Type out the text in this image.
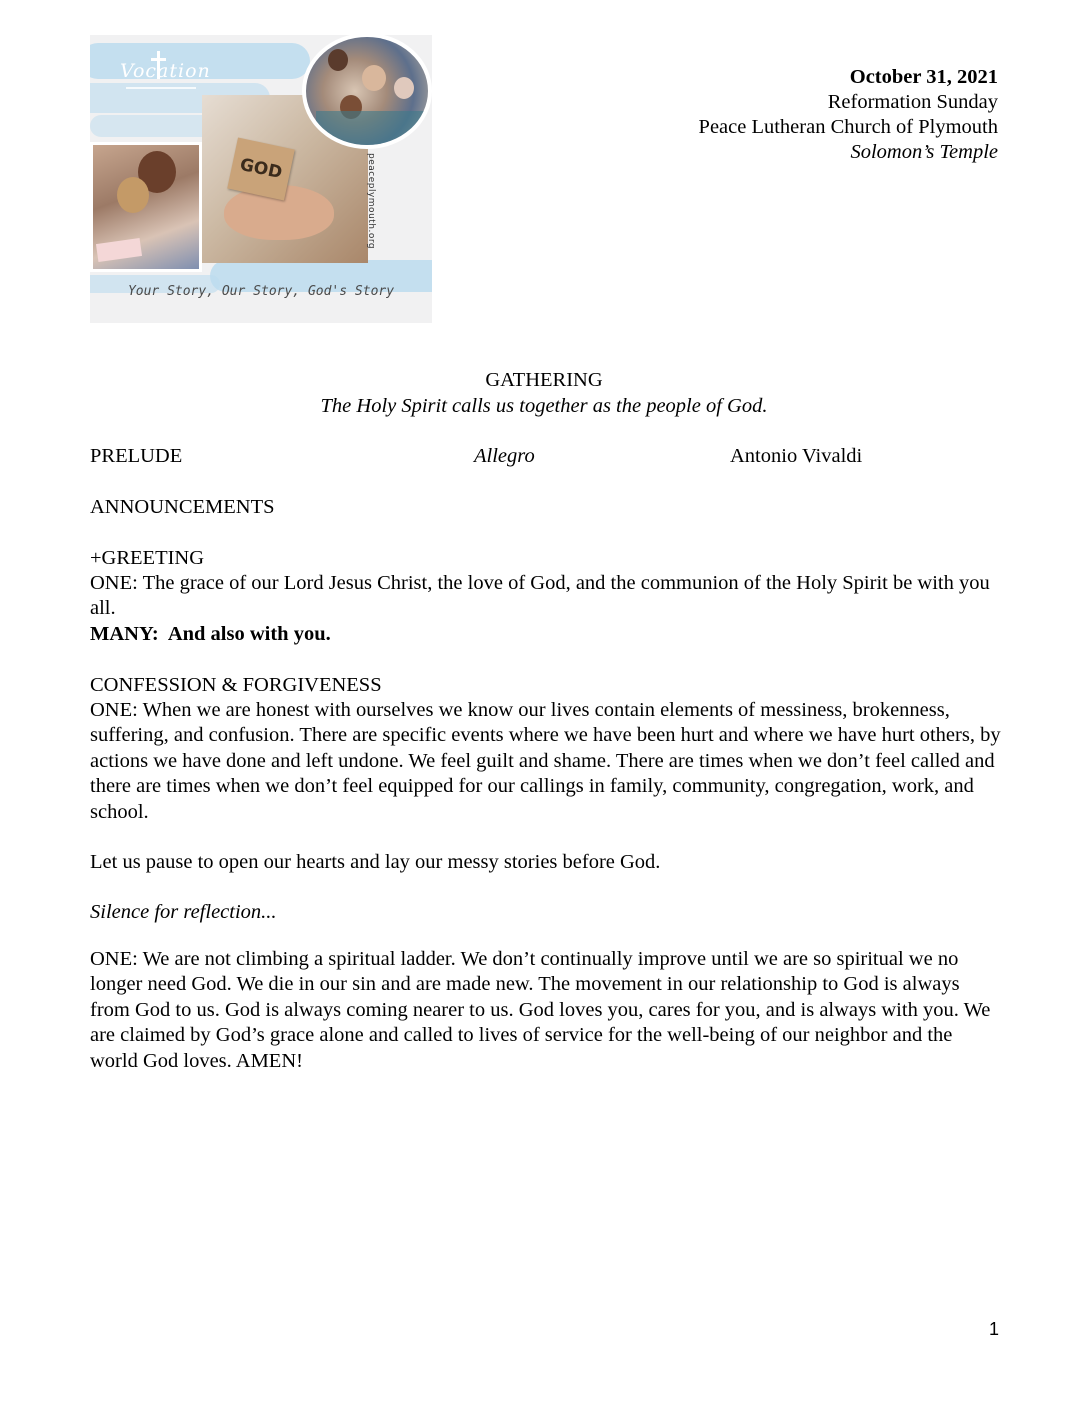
GOD
Vocation
peaceplymouth.org
Your Story, Our Story, God's Story
October 31, 2021
Reformation Sunday
Peace Lutheran Church of Plymouth
Solomon’s Temple
GATHERING
The Holy Spirit calls us together as the people of God.
PRELUDE	Allegro	Antonio Vivaldi
ANNOUNCEMENTS
+GREETING
ONE: The grace of our Lord Jesus Christ, the love of God, and the communion of the Holy Spirit be with you all.
MANY:  And also with you.
CONFESSION & FORGIVENESS
ONE: When we are honest with ourselves we know our lives contain elements of messiness, brokenness, suffering, and confusion. There are specific events where we have been hurt and where we have hurt others, by actions we have done and left undone. We feel guilt and shame. There are times when we don’t feel called and there are times when we don’t feel equipped for our callings in family, community, congregation, work, and school.
Let us pause to open our hearts and lay our messy stories before God.
Silence for reflection...
ONE: We are not climbing a spiritual ladder. We don’t continually improve until we are so spiritual we no longer need God. We die in our sin and are made new. The movement in our relationship to God is always from God to us. God is always coming nearer to us. God loves you, cares for you, and is always with you. We are claimed by God’s grace alone and called to lives of service for the well-being of our neighbor and the world God loves. AMEN!
1
